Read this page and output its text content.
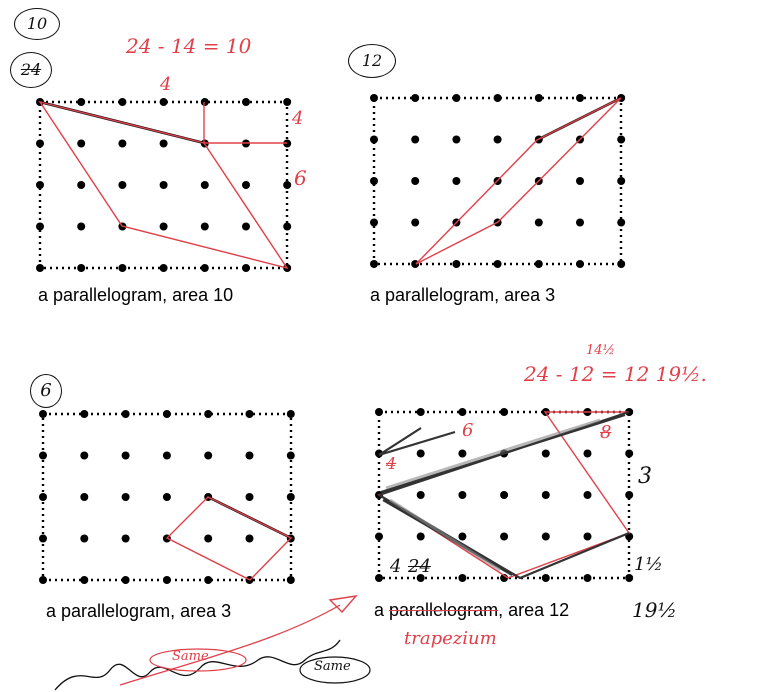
10
24
24 - 14 = 10
4
4
6
a parallelogram, area 10
12
a parallelogram, area 3
6
a parallelogram, area 3
14½
24 - 12 = 12 19½.
6	8
3
1½
4
4 24
a parallelogram, area 12	19½
trapezium
Same
Same
